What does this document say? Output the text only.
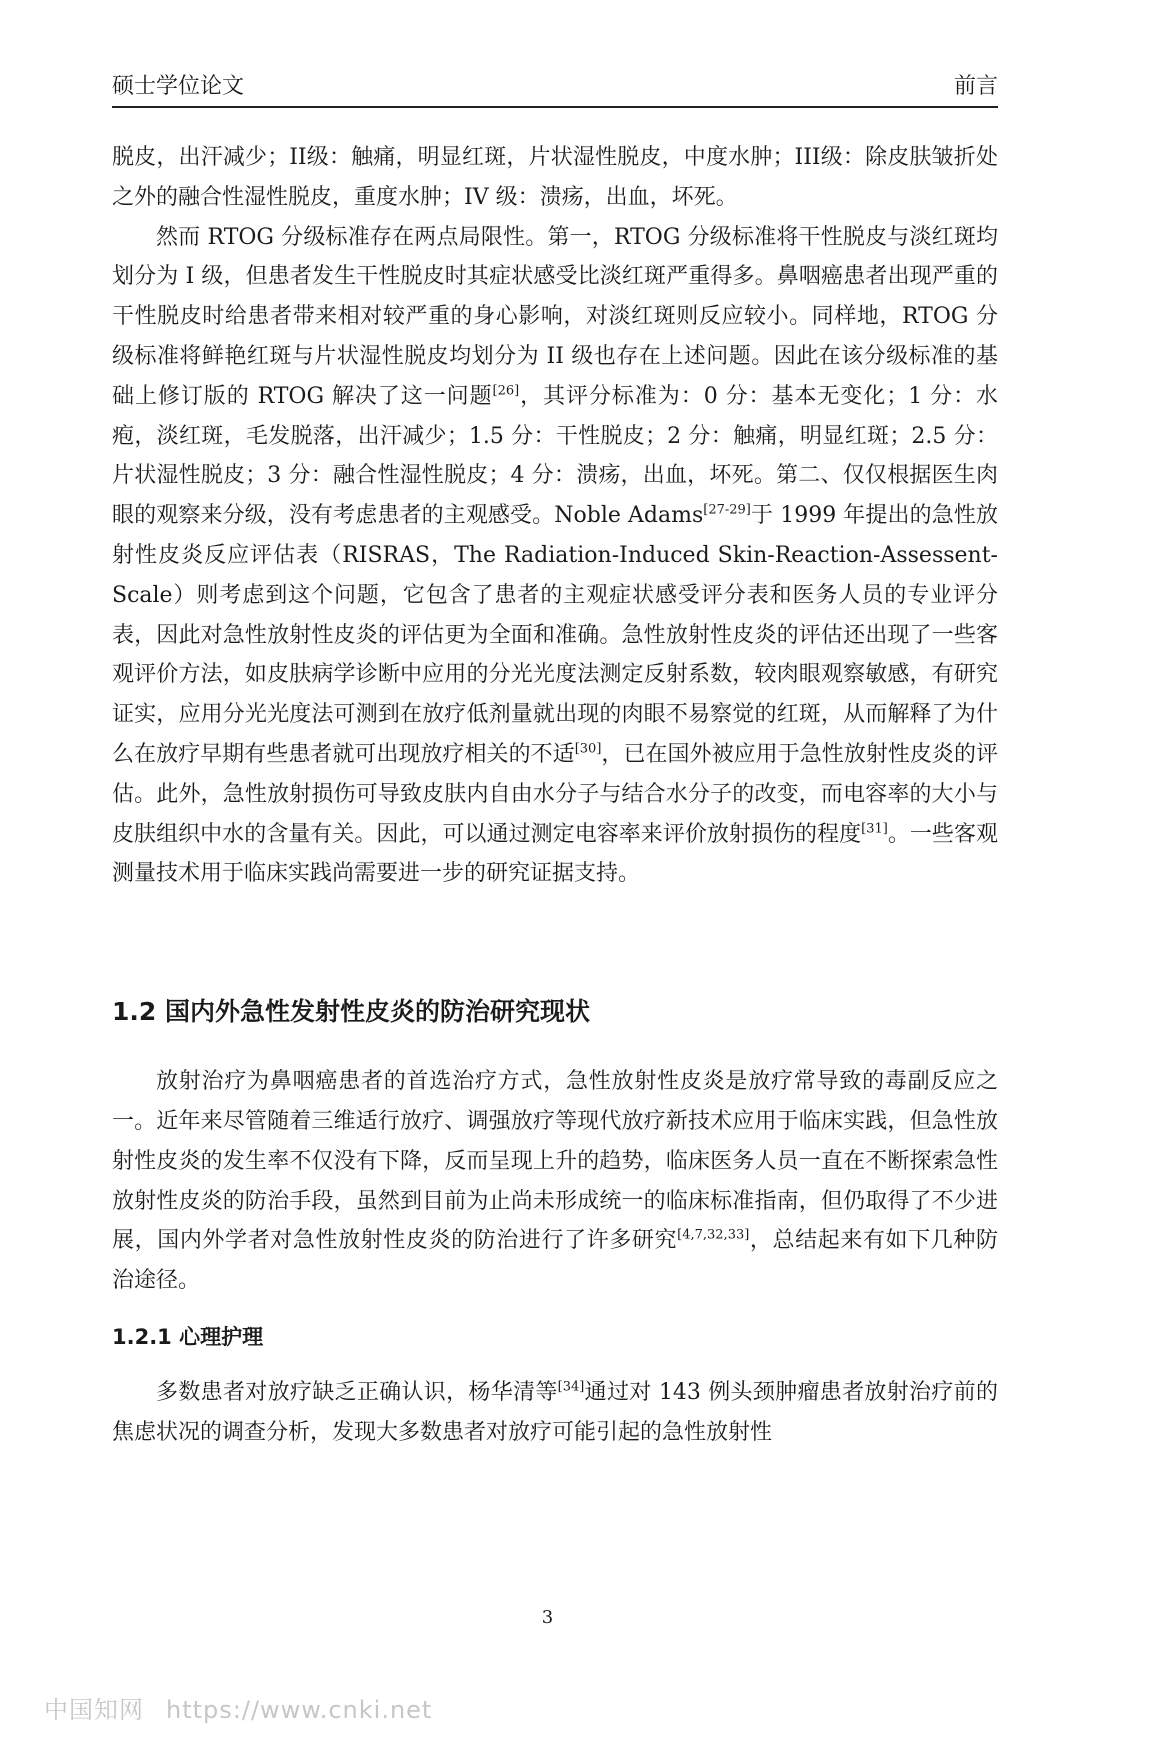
硕士学位论文	前言

脱皮，出汗减少；II级：触痛，明显红斑，片状湿性脱皮，中度水肿；III级：除皮肤皱折处之外的融合性湿性脱皮，重度水肿；IV 级：溃疡，出血，坏死。

然而 RTOG 分级标准存在两点局限性。第一，RTOG 分级标准将干性脱皮与淡红斑均划分为 I 级，但患者发生干性脱皮时其症状感受比淡红斑严重得多。鼻咽癌患者出现严重的干性脱皮时给患者带来相对较严重的身心影响，对淡红斑则反应较小。同样地，RTOG 分级标准将鲜艳红斑与片状湿性脱皮均划分为 II 级也存在上述问题。因此在该分级标准的基础上修订版的 RTOG 解决了这一问题[26]，其评分标准为：0 分：基本无变化；1 分：水疱，淡红斑，毛发脱落，出汗减少；1.5 分：干性脱皮；2 分：触痛，明显红斑；2.5 分：片状湿性脱皮；3 分：融合性湿性脱皮；4 分：溃疡，出血，坏死。第二、仅仅根据医生肉眼的观察来分级，没有考虑患者的主观感受。Noble Adams[27-29]于 1999 年提出的急性放射性皮炎反应评估表（RISRAS，The Radiation-Induced Skin-Reaction-Assessent-Scale）则考虑到这个问题，它包含了患者的主观症状感受评分表和医务人员的专业评分表，因此对急性放射性皮炎的评估更为全面和准确。急性放射性皮炎的评估还出现了一些客观评价方法，如皮肤病学诊断中应用的分光光度法测定反射系数，较肉眼观察敏感，有研究证实，应用分光光度法可测到在放疗低剂量就出现的肉眼不易察觉的红斑，从而解释了为什么在放疗早期有些患者就可出现放疗相关的不适[30]，已在国外被应用于急性放射性皮炎的评估。此外，急性放射损伤可导致皮肤内自由水分子与结合水分子的改变，而电容率的大小与皮肤组织中水的含量有关。因此，可以通过测定电容率来评价放射损伤的程度[31]。一些客观测量技术用于临床实践尚需要进一步的研究证据支持。

1.2 国内外急性发射性皮炎的防治研究现状

放射治疗为鼻咽癌患者的首选治疗方式，急性放射性皮炎是放疗常导致的毒副反应之一。近年来尽管随着三维适行放疗、调强放疗等现代放疗新技术应用于临床实践，但急性放射性皮炎的发生率不仅没有下降，反而呈现上升的趋势，临床医务人员一直在不断探索急性放射性皮炎的防治手段，虽然到目前为止尚未形成统一的临床标准指南，但仍取得了不少进展，国内外学者对急性放射性皮炎的防治进行了许多研究[4,7,32,33]，总结起来有如下几种防治途径。

1.2.1 心理护理

多数患者对放疗缺乏正确认识，杨华清等[34]通过对 143 例头颈肿瘤患者放射治疗前的焦虑状况的调查分析，发现大多数患者对放疗可能引起的急性放射性

3
中国知网 https://www.cnki.net
